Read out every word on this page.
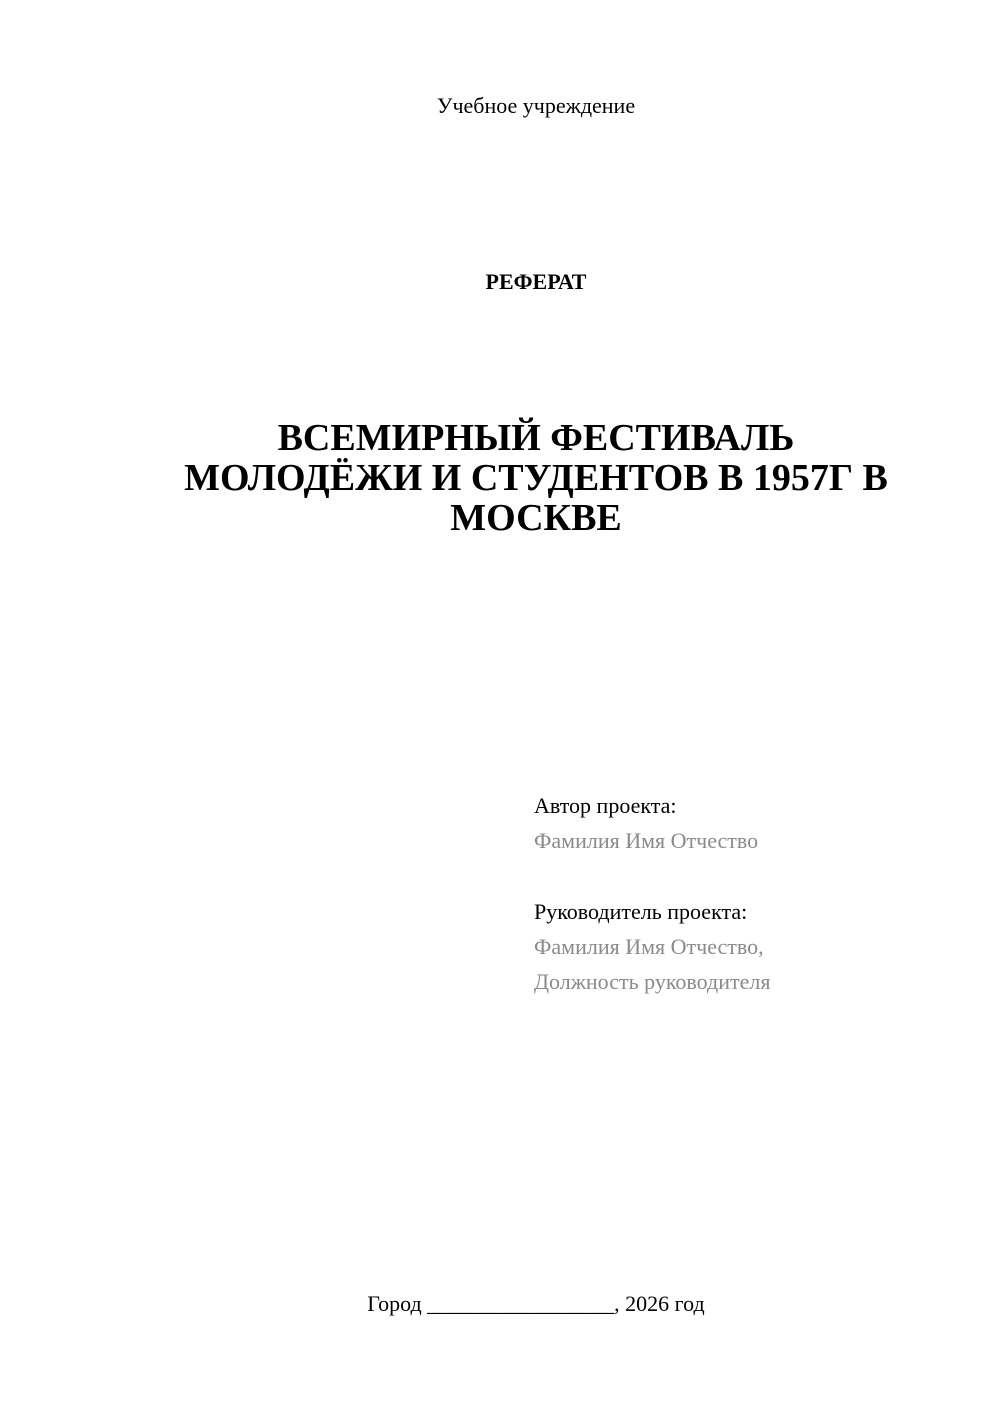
Учебное учреждение
РЕФЕРАТ
ВСЕМИРНЫЙ ФЕСТИВАЛЬ МОЛОДЁЖИ И СТУДЕНТОВ В 1957Г В МОСКВЕ
Автор проекта:
Фамилия Имя Отчество
Руководитель проекта:
Фамилия Имя Отчество,
Должность руководителя
Город _________________, 2026 год
